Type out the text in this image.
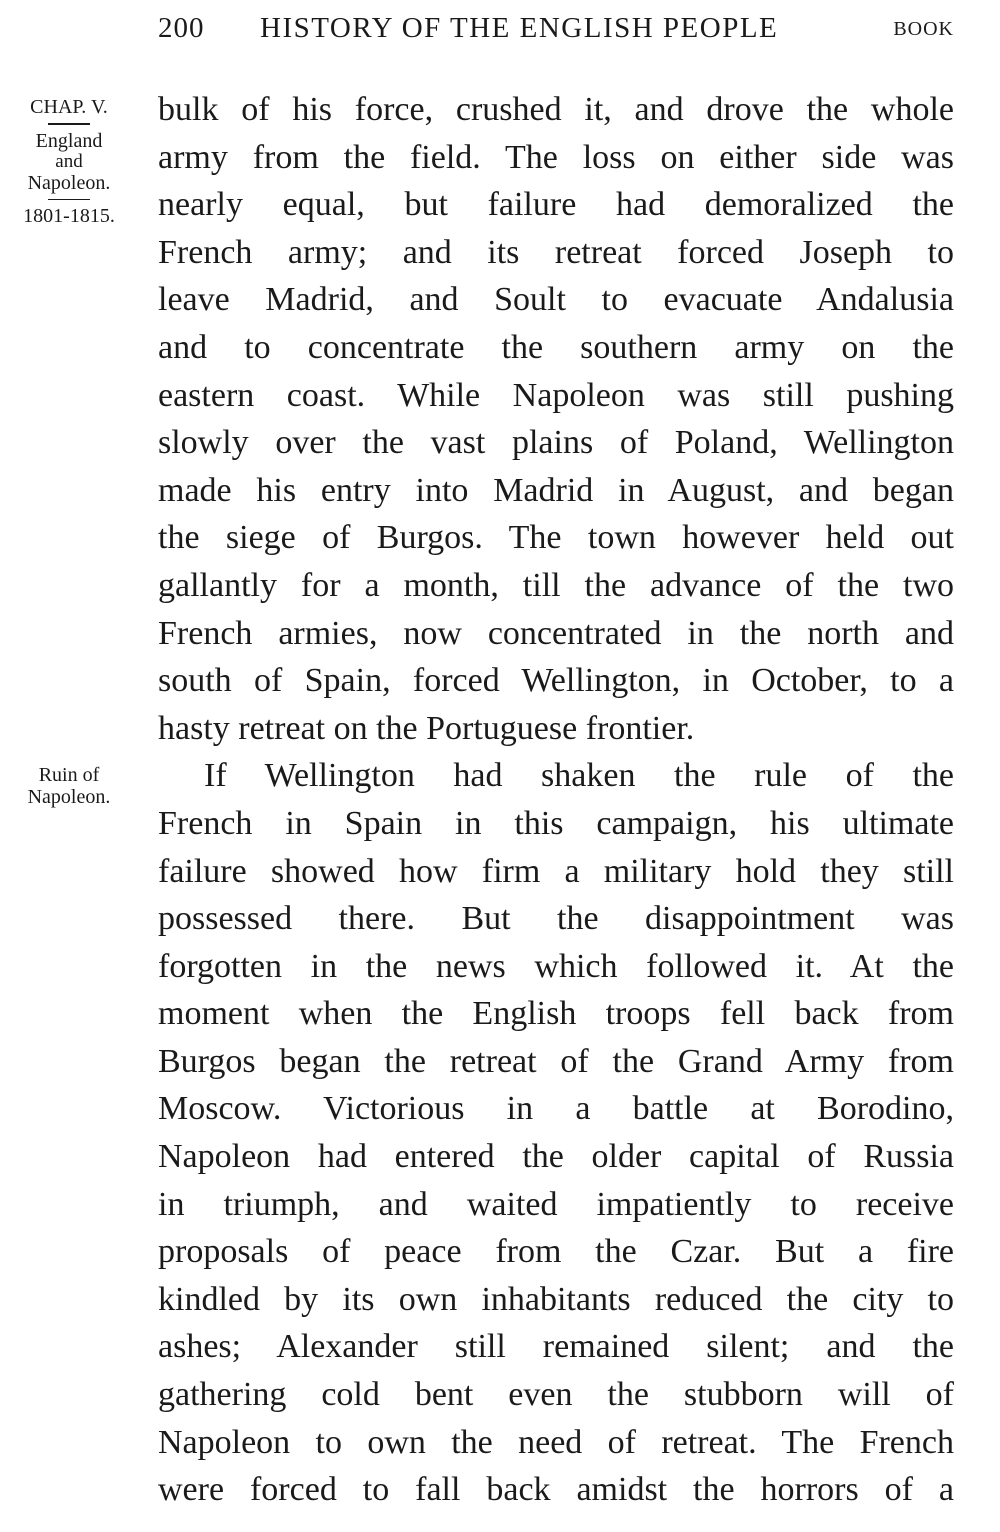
200 HISTORY OF THE ENGLISH PEOPLE	BOOK
CHAP. V.
England
and
Napoleon.
1801-1815.
Ruin of
Napoleon.
bulk of his force, crushed it, and drove the whole
army from the field. The loss on either side was
nearly equal, but failure had demoralized the
French army; and its retreat forced Joseph to
leave Madrid, and Soult to evacuate Andalusia
and to concentrate the southern army on the
eastern coast. While Napoleon was still pushing
slowly over the vast plains of Poland, Wellington
made his entry into Madrid in August, and began
the siege of Burgos. The town however held out
gallantly for a month, till the advance of the two
French armies, now concentrated in the north and
south of Spain, forced Wellington, in October, to a
hasty retreat on the Portuguese frontier.
If Wellington had shaken the rule of the
French in Spain in this campaign, his ultimate
failure showed how firm a military hold they still
possessed there. But the disappointment was
forgotten in the news which followed it. At the
moment when the English troops fell back from
Burgos began the retreat of the Grand Army from
Moscow. Victorious in a battle at Borodino,
Napoleon had entered the older capital of Russia
in triumph, and waited impatiently to receive
proposals of peace from the Czar. But a fire
kindled by its own inhabitants reduced the city to
ashes; Alexander still remained silent; and the
gathering cold bent even the stubborn will of
Napoleon to own the need of retreat. The French
were forced to fall back amidst the horrors of a
